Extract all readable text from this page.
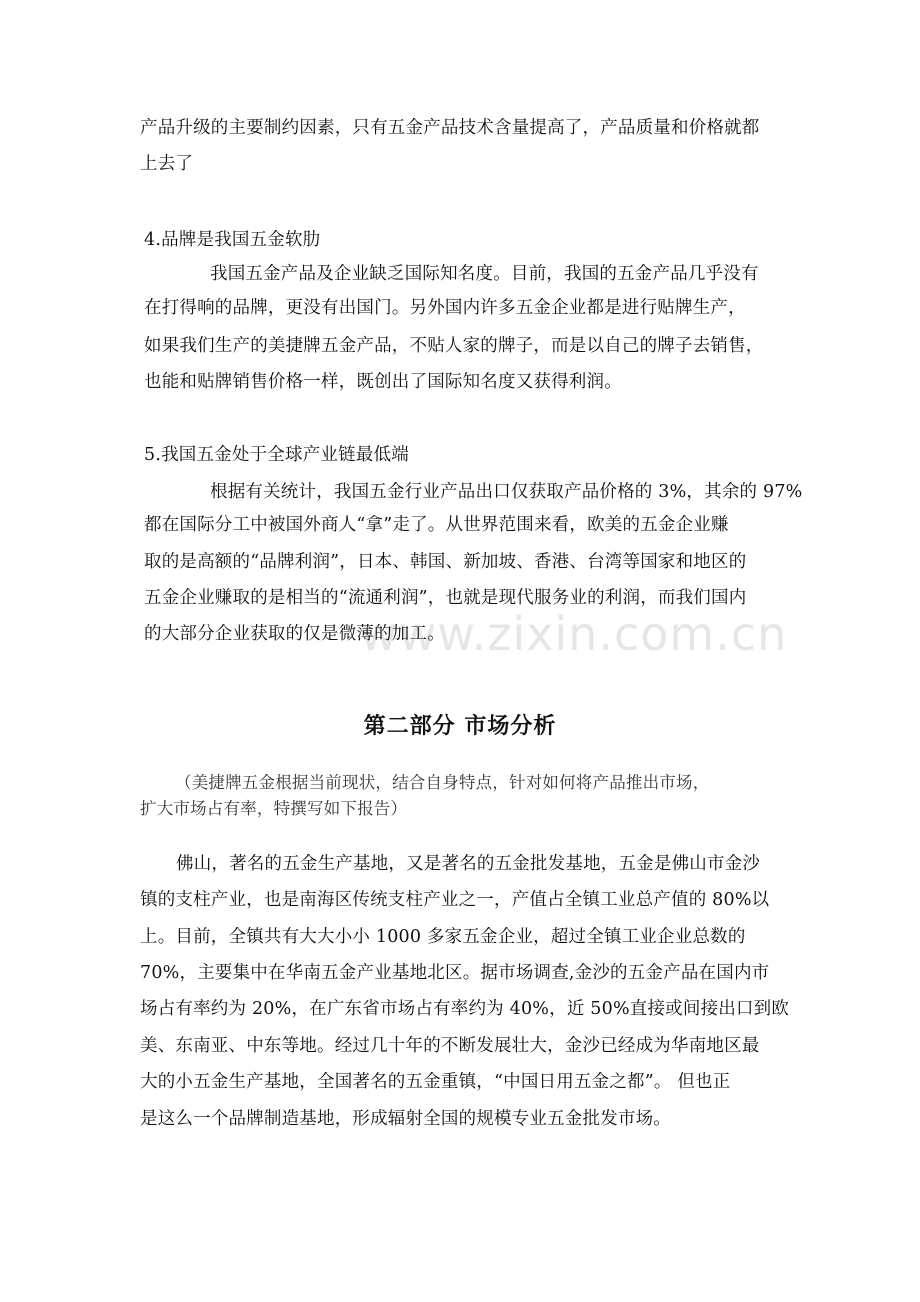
www.zixin.com.cn
产品升级的主要制约因素，只有五金产品技术含量提高了，产品质量和价格就都
上去了
4.品牌是我国五金软肋
我国五金产品及企业缺乏国际知名度。目前，我国的五金产品几乎没有
在打得响的品牌，更没有出国门。另外国内许多五金企业都是进行贴牌生产，
如果我们生产的美捷牌五金产品，不贴人家的牌子，而是以自己的牌子去销售，
也能和贴牌销售价格一样，既创出了国际知名度又获得利润。
5.我国五金处于全球产业链最低端
根据有关统计，我国五金行业产品出口仅获取产品价格的 3%，其余的 97%
都在国际分工中被国外商人“拿”走了。从世界范围来看，欧美的五金企业赚
取的是高额的“品牌利润”，日本、韩国、新加坡、香港、台湾等国家和地区的
五金企业赚取的是相当的“流通利润”，也就是现代服务业的利润，而我们国内
的大部分企业获取的仅是微薄的加工。
第二部分 市场分析
（美捷牌五金根据当前现状，结合自身特点，针对如何将产品推出市场，
扩大市场占有率，特撰写如下报告）
佛山，著名的五金生产基地，又是著名的五金批发基地，五金是佛山市金沙
镇的支柱产业，也是南海区传统支柱产业之一，产值占全镇工业总产值的 80%以
上。目前，全镇共有大大小小 1000 多家五金企业，超过全镇工业企业总数的
70%，主要集中在华南五金产业基地北区。据市场调查,金沙的五金产品在国内市
场占有率约为 20%，在广东省市场占有率约为 40%，近 50%直接或间接出口到欧
美、东南亚、中东等地。经过几十年的不断发展壮大，金沙已经成为华南地区最
大的小五金生产基地，全国著名的五金重镇，“中国日用五金之都”。 但也正
是这么一个品牌制造基地，形成辐射全国的规模专业五金批发市场。
